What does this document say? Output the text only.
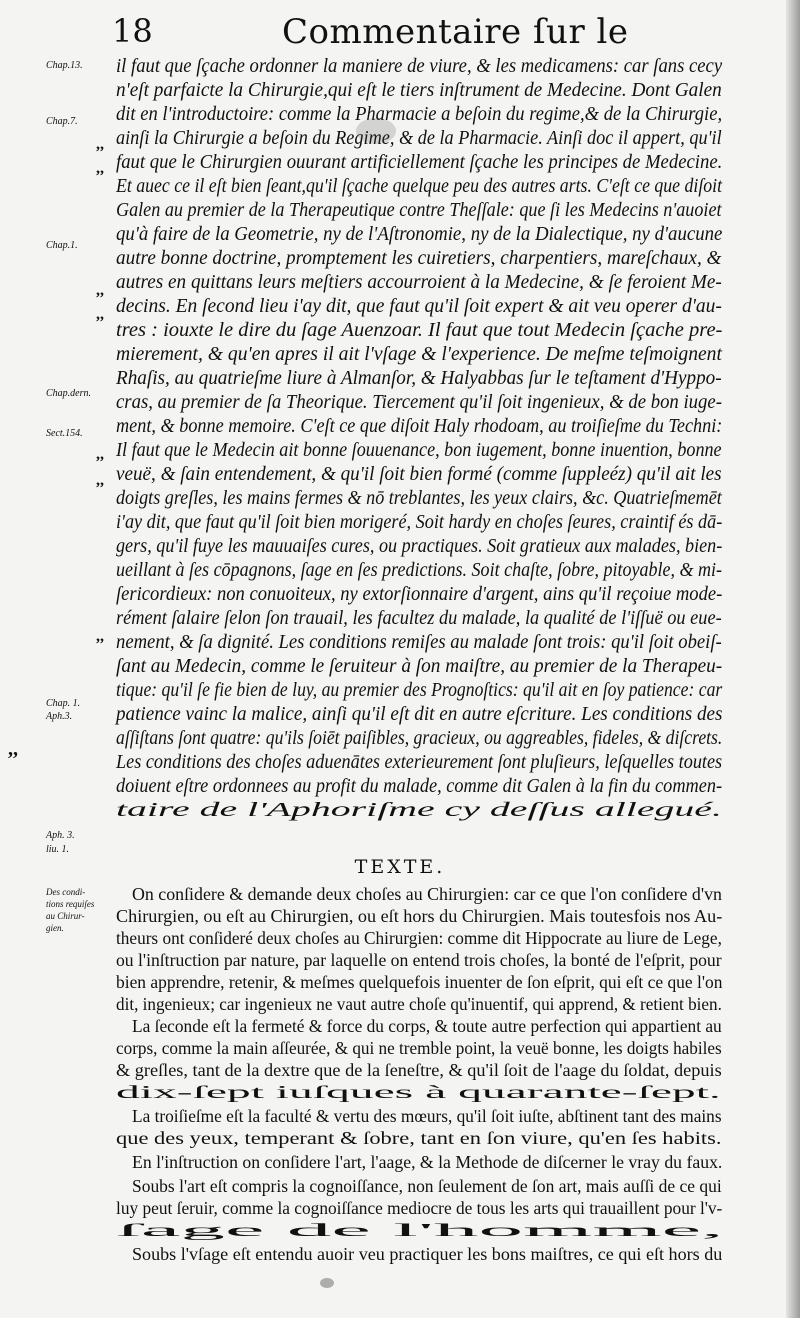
18	Commentaire ſur le
Chap.13.
Chap.7.
Chap.1.
Chap.dern.
Sect.154.
Chap. 1.
Aph.3.
Aph. 3.
liu. 1.
Des condi-
tions requiſes
au Chirur-
gien.
,,
,,
,,
,,
,,
,,
,,
,,
il faut que ſçache ordonner la maniere de viure, & les medicamens: car ſans cecy
n'eſt parfaicte la Chirurgie,qui eſt le tiers inſtrument de Medecine. Dont Galen
dit en l'introductoire: comme la Pharmacie a beſoin du regime,& de la Chirurgie,
ainſi la Chirurgie a beſoin du Regime, & de la Pharmacie. Ainſi doc il appert, qu'il
faut que le Chirurgien ouurant artificiellement ſçache les principes de Medecine.
Et auec ce il eſt bien ſeant,qu'il ſçache quelque peu des autres arts. C'eſt ce que diſoit
Galen au premier de la Therapeutique contre Theſſale: que ſi les Medecins n'auoiet
qu'à faire de la Geometrie, ny de l'Aſtronomie, ny de la Dialectique, ny d'aucune
autre bonne doctrine, promptement les cuiretiers, charpentiers, mareſchaux, &
autres en quittans leurs meſtiers accourroient à la Medecine, & ſe feroient Me-
decins. En ſecond lieu i'ay dit, que faut qu'il ſoit expert & ait veu operer d'au-
tres : iouxte le dire du ſage Auenzoar. Il faut que tout Medecin ſçache pre-
mierement, & qu'en apres il ait l'vſage & l'experience. De meſme teſmoignent
Rhaſis, au quatrieſme liure à Almanſor, & Halyabbas ſur le teſtament d'Hyppo-
cras, au premier de ſa Theorique. Tiercement qu'il ſoit ingenieux, & de bon iuge-
ment, & bonne memoire. C'eſt ce que diſoit Haly rhodoam, au troiſieſme du Techni:
Il faut que le Medecin ait bonne ſouuenance, bon iugement, bonne inuention, bonne
veuë, & ſain entendement, & qu'il ſoit bien formé (comme ſuppleéz) qu'il ait les
doigts greſles, les mains fermes & nō treblantes, les yeux clairs, &c. Quatrieſmemēt
i'ay dit, que faut qu'il ſoit bien morigeré, Soit hardy en choſes ſeures, craintif és dā-
gers, qu'il fuye les mauuaiſes cures, ou practiques. Soit gratieux aux malades, bien-
ueillant à ſes cōpagnons, ſage en ſes predictions. Soit chaſte, ſobre, pitoyable, & mi-
ſericordieux: non conuoiteux, ny extorſionnaire d'argent, ains qu'il reçoiue mode-
rément ſalaire ſelon ſon trauail, les facultez du malade, la qualité de l'iſſuë ou eue-
nement, & ſa dignité. Les conditions remiſes au malade ſont trois: qu'il ſoit obeiſ-
ſant au Medecin, comme le ſeruiteur à ſon maiſtre, au premier de la Therapeu-
tique: qu'il ſe fie bien de luy, au premier des Prognoſtics: qu'il ait en ſoy patience: car
patience vainc la malice, ainſi qu'il eſt dit en autre eſcriture. Les conditions des
aſſiſtans ſont quatre: qu'ils ſoiēt paiſibles, gracieux, ou aggreables, fideles, & diſcrets.
Les conditions des choſes aduenātes exterieurement ſont pluſieurs, leſquelles toutes
doiuent eſtre ordonnees au profit du malade, comme dit Galen à la fin du commen-
taire de l'Aphoriſme cy deſſus allegué.
TEXTE.
On conſidere & demande deux choſes au Chirurgien: car ce que l'on conſidere d'vn
Chirurgien, ou eſt au Chirurgien, ou eſt hors du Chirurgien. Mais toutesfois nos Au-
theurs ont conſideré deux choſes au Chirurgien: comme dit Hippocrate au liure de Lege,
ou l'inſtruction par nature, par laquelle on entend trois choſes, la bonté de l'eſprit, pour
bien apprendre, retenir, & meſmes quelquefois inuenter de ſon eſprit, qui eſt ce que l'on
dit, ingenieux; car ingenieux ne vaut autre choſe qu'inuentif, qui apprend, & retient bien.
La ſeconde eſt la fermeté & force du corps, & toute autre perfection qui appartient au
corps, comme la main aſſeurée, & qui ne tremble point, la veuë bonne, les doigts habiles
& greſles, tant de la dextre que de la ſeneſtre, & qu'il ſoit de l'aage du ſoldat, depuis
dix-ſept iuſques à quarante-ſept.
La troiſieſme eſt la faculté & vertu des mœurs, qu'il ſoit iuſte, abſtinent tant des mains
que des yeux, temperant & ſobre, tant en ſon viure, qu'en ſes habits.
En l'inſtruction on conſidere l'art, l'aage, & la Methode de diſcerner le vray du faux.
Soubs l'art eſt compris la cognoiſſance, non ſeulement de ſon art, mais auſſi de ce qui
luy peut ſeruir, comme la cognoiſſance mediocre de tous les arts qui trauaillent pour l'v-
ſage de l'homme,
Soubs l'vſage eſt entendu auoir veu practiquer les bons maiſtres, ce qui eſt hors du
